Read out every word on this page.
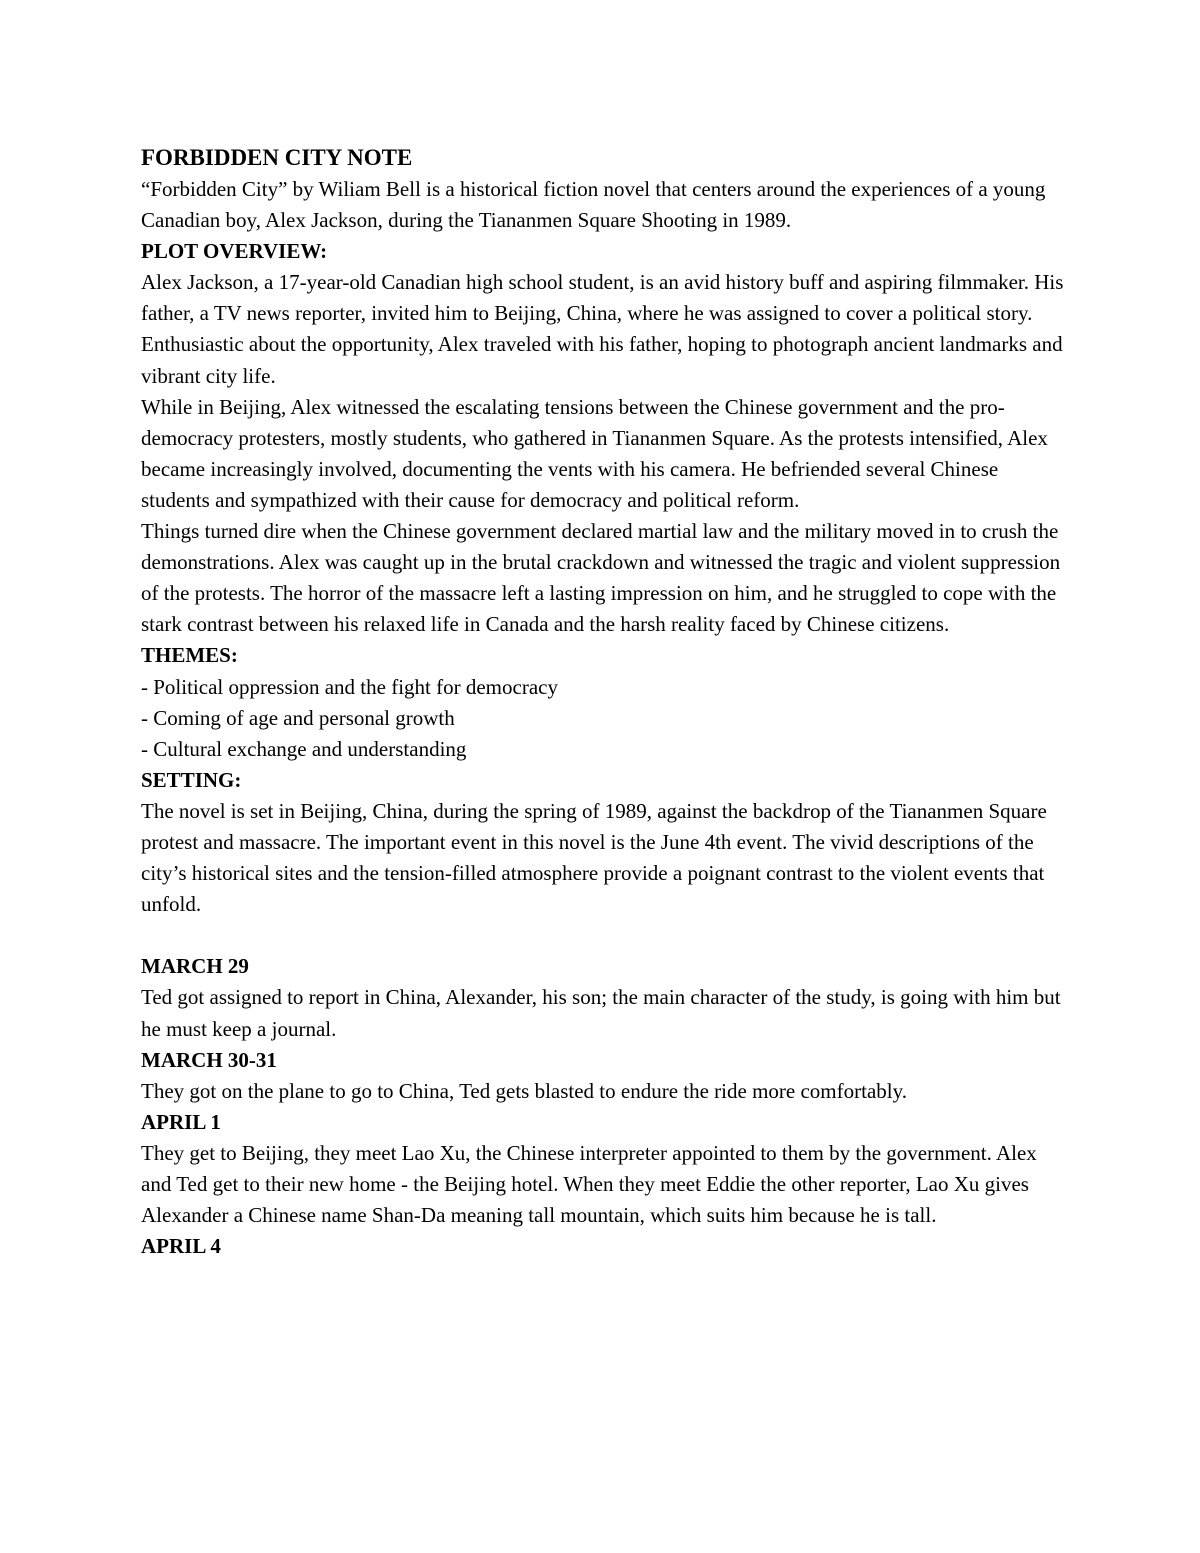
FORBIDDEN CITY NOTE

“Forbidden City” by Wiliam Bell is a historical fiction novel that centers around the experiences of a young Canadian boy, Alex Jackson, during the Tiananmen Square Shooting in 1989.

PLOT OVERVIEW:

Alex Jackson, a 17-year-old Canadian high school student, is an avid history buff and aspiring filmmaker. His father, a TV news reporter, invited him to Beijing, China, where he was assigned to cover a political story. Enthusiastic about the opportunity, Alex traveled with his father, hoping to photograph ancient landmarks and vibrant city life.

While in Beijing, Alex witnessed the escalating tensions between the Chinese government and the pro-democracy protesters, mostly students, who gathered in Tiananmen Square. As the protests intensified, Alex became increasingly involved, documenting the vents with his camera. He befriended several Chinese students and sympathized with their cause for democracy and political reform.

Things turned dire when the Chinese government declared martial law and the military moved in to crush the demonstrations. Alex was caught up in the brutal crackdown and witnessed the tragic and violent suppression of the protests. The horror of the massacre left a lasting impression on him, and he struggled to cope with the stark contrast between his relaxed life in Canada and the harsh reality faced by Chinese citizens.

THEMES:

- Political oppression and the fight for democracy

- Coming of age and personal growth

- Cultural exchange and understanding

SETTING:

The novel is set in Beijing, China, during the spring of 1989, against the backdrop of the Tiananmen Square protest and massacre. The important event in this novel is the June 4th event. The vivid descriptions of the city’s historical sites and the tension-filled atmosphere provide a poignant contrast to the violent events that unfold.

MARCH 29

Ted got assigned to report in China, Alexander, his son; the main character of the study, is going with him but he must keep a journal.

MARCH 30-31

They got on the plane to go to China, Ted gets blasted to endure the ride more comfortably.

APRIL 1

They get to Beijing, they meet Lao Xu, the Chinese interpreter appointed to them by the government. Alex and Ted get to their new home - the Beijing hotel. When they meet Eddie the other reporter, Lao Xu gives Alexander a Chinese name Shan-Da meaning tall mountain, which suits him because he is tall.

APRIL 4
